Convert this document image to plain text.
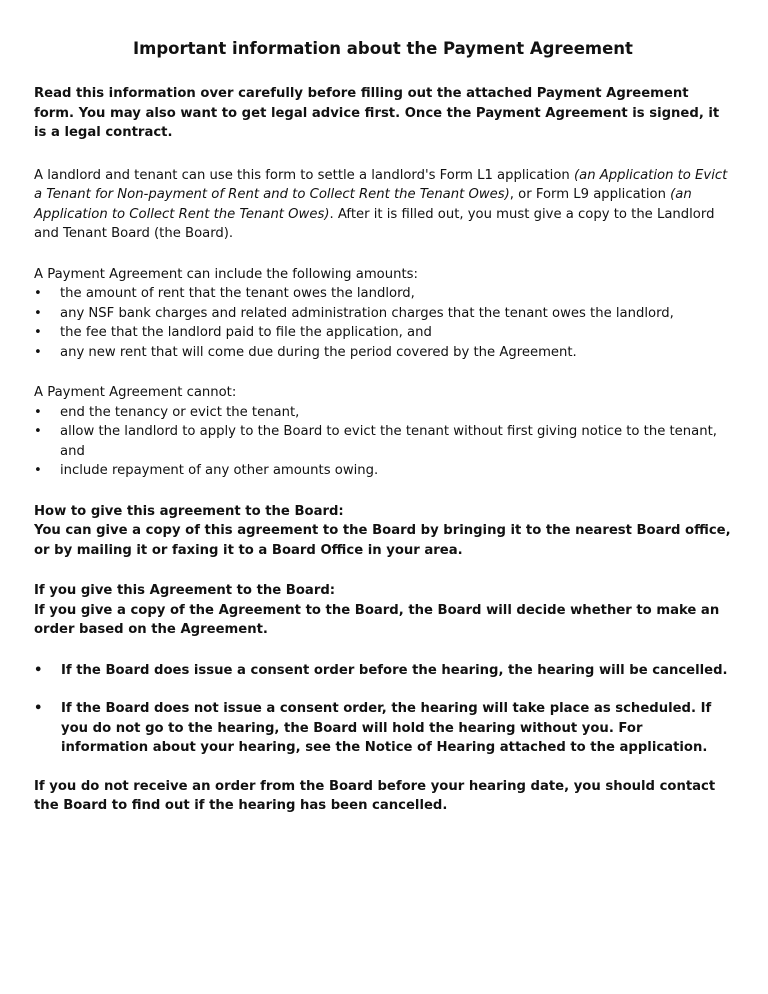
Important information about the Payment Agreement

Read this information over carefully before filling out the attached Payment Agreement form. You may also want to get legal advice first. Once the Payment Agreement is signed, it is a legal contract.

A landlord and tenant can use this form to settle a landlord's Form L1 application (an Application to Evict a Tenant for Non-payment of Rent and to Collect Rent the Tenant Owes), or Form L9 application (an Application to Collect Rent the Tenant Owes). After it is filled out, you must give a copy to the Landlord and Tenant Board (the Board).

A Payment Agreement can include the following amounts:

• the amount of rent that the tenant owes the landlord,
• any NSF bank charges and related administration charges that the tenant owes the landlord,
• the fee that the landlord paid to file the application, and
• any new rent that will come due during the period covered by the Agreement.

A Payment Agreement cannot:

• end the tenancy or evict the tenant,
• allow the landlord to apply to the Board to evict the tenant without first giving notice to the tenant, and
• include repayment of any other amounts owing.

How to give this agreement to the Board:

You can give a copy of this agreement to the Board by bringing it to the nearest Board office, or by mailing it or faxing it to a Board Office in your area.

If you give this Agreement to the Board:

If you give a copy of the Agreement to the Board, the Board will decide whether to make an order based on the Agreement.

• If the Board does issue a consent order before the hearing, the hearing will be cancelled.
• If the Board does not issue a consent order, the hearing will take place as scheduled. If you do not go to the hearing, the Board will hold the hearing without you. For information about your hearing, see the Notice of Hearing attached to the application.

If you do not receive an order from the Board before your hearing date, you should contact the Board to find out if the hearing has been cancelled.
